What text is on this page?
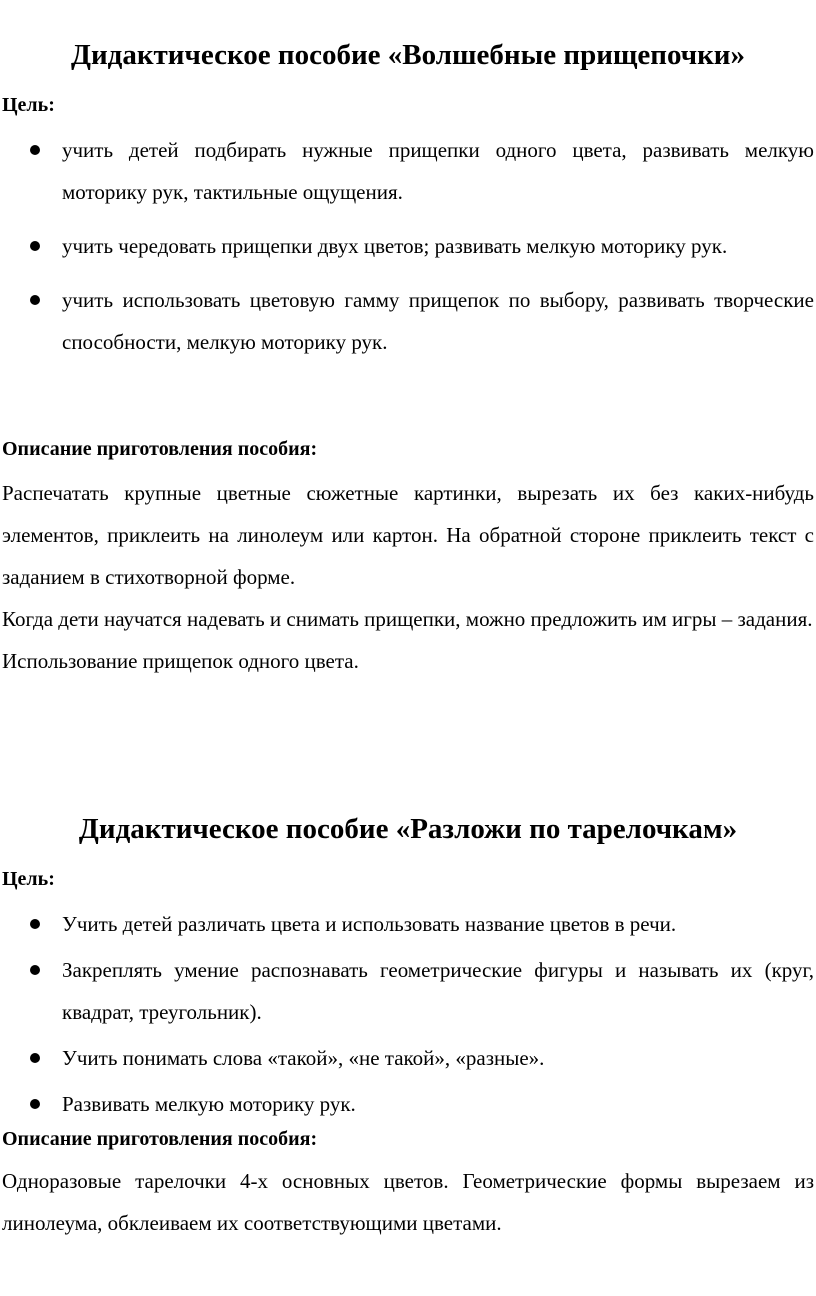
Дидактическое пособие «Волшебные прищепочки»

Цель:

учить детей подбирать нужные прищепки одного цвета, развивать мелкую моторику рук, тактильные ощущения.
учить чередовать прищепки двух цветов; развивать мелкую моторику рук.
учить использовать цветовую гамму прищепок по выбору, развивать творческие способности, мелкую моторику рук.

Описание приготовления пособия:

Распечатать крупные цветные сюжетные картинки, вырезать их без каких-нибудь элементов, приклеить на линолеум или картон. На обратной стороне приклеить текст с заданием в стихотворной форме.

Когда дети научатся надевать и снимать прищепки, можно предложить им игры – задания.

Использование прищепок одного цвета.

Дидактическое пособие «Разложи по тарелочкам»

Цель:

Учить детей различать цвета и использовать название цветов в речи.
Закреплять умение распознавать геометрические фигуры и называть их (круг, квадрат, треугольник).
Учить понимать слова «такой», «не такой», «разные».
Развивать мелкую моторику рук.

Описание приготовления пособия:

Одноразовые тарелочки 4-х основных цветов. Геометрические формы вырезаем из линолеума, обклеиваем их соответствующими цветами.
